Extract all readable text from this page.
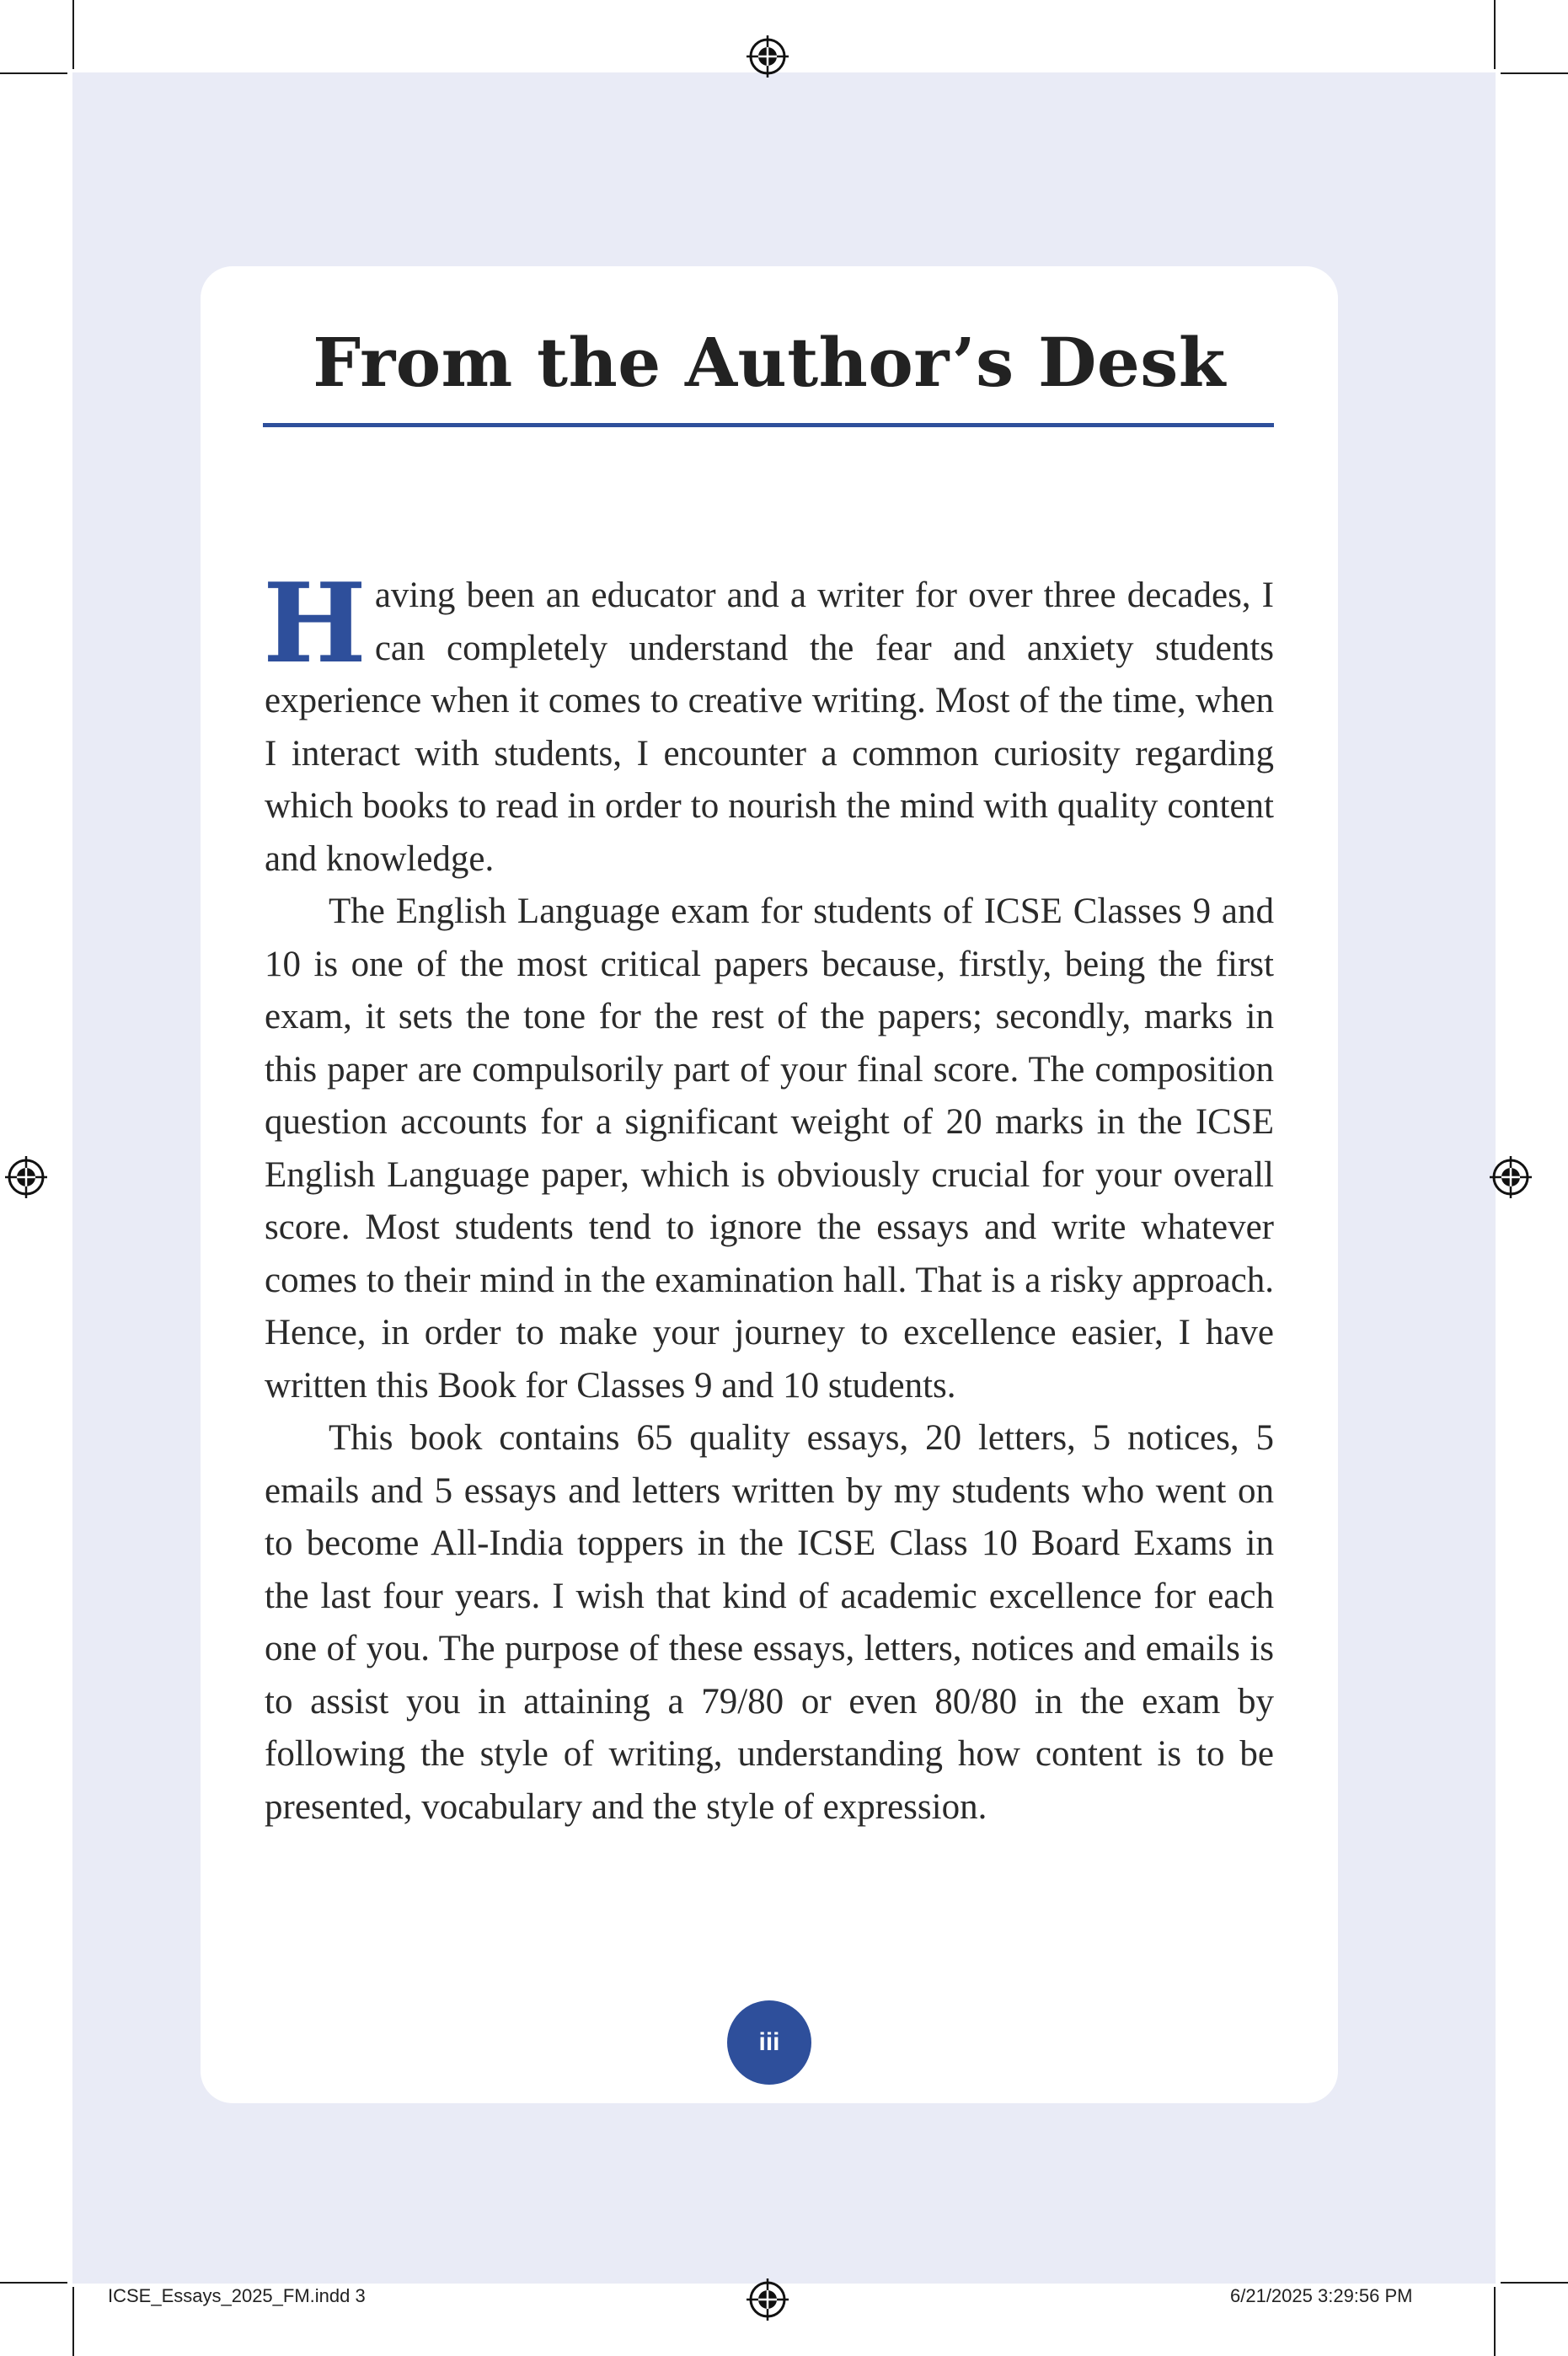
From the Author’s Desk

Having been an educator and a writer for over three decades, I can completely understand the fear and anxiety students experience when it comes to creative writing. Most of the time, when I interact with students, I encounter a common curiosity regarding which books to read in order to nourish the mind with quality content and knowledge.

The English Language exam for students of ICSE Classes 9 and 10 is one of the most critical papers because, firstly, being the first exam, it sets the tone for the rest of the papers; secondly, marks in this paper are compulsorily part of your final score. The composition question accounts for a significant weight of 20 marks in the ICSE English Language paper, which is obviously crucial for your overall score. Most students tend to ignore the essays and write whatever comes to their mind in the examination hall. That is a risky approach. Hence, in order to make your journey to excellence easier, I have written this Book for Classes 9 and 10 students.

This book contains 65 quality essays, 20 letters, 5 notices, 5 emails and 5 essays and letters written by my students who went on to become All-India toppers in the ICSE Class 10 Board Exams in the last four years. I wish that kind of academic excellence for each one of you. The purpose of these essays, letters, notices and emails is to assist you in attaining a 79/80 or even 80/80 in the exam by following the style of writing, understanding how content is to be presented, vocabulary and the style of expression.

iii
ICSE_Essays_2025_FM.indd 3	6/21/2025 3:29:56 PM
